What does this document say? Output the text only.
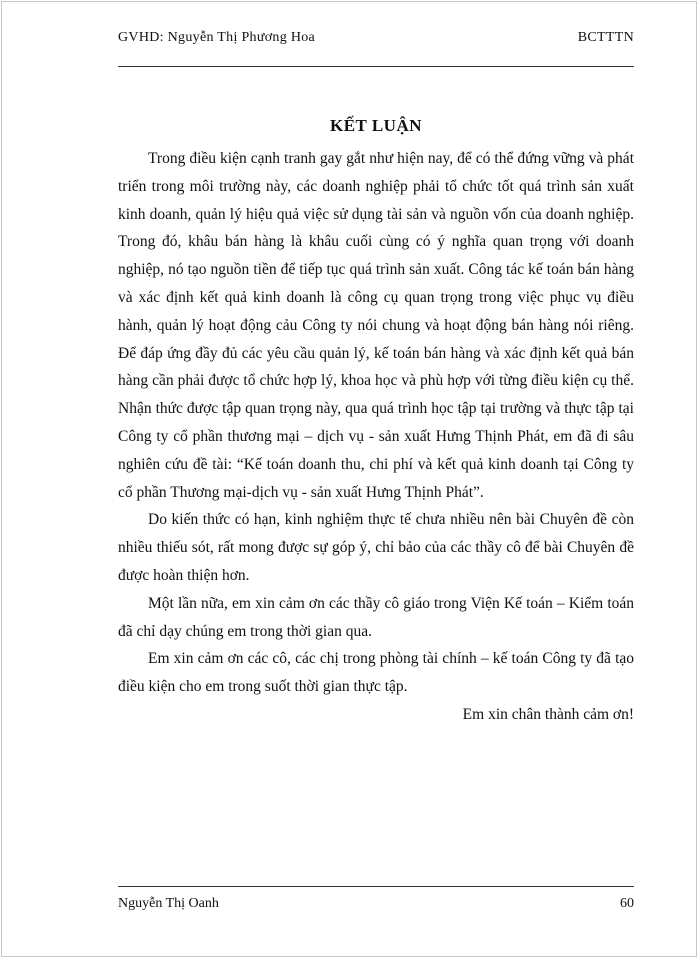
GVHD: Nguyễn Thị Phương Hoa	BCTTTN
KẾT LUẬN

Trong điều kiện cạnh tranh gay gắt như hiện nay, để có thể đứng vững và phát triển trong môi trường này, các doanh nghiệp phải tổ chức tốt quá trình sản xuất kinh doanh, quản lý hiệu quả việc sử dụng tài sản và nguồn vốn của doanh nghiệp. Trong đó, khâu bán hàng là khâu cuối cùng có ý nghĩa quan trọng với doanh nghiệp, nó tạo nguồn tiền để tiếp tục quá trình sản xuất. Công tác kế toán bán hàng và xác định kết quả kinh doanh là công cụ quan trọng trong việc phục vụ điều hành, quản lý hoạt động cảu Công ty nói chung và hoạt động bán hàng nói riêng. Để đáp ứng đầy đủ các yêu cầu quản lý, kế toán bán hàng và xác định kết quả bán hàng cần phải được tổ chức hợp lý, khoa học và phù hợp với từng điều kiện cụ thể. Nhận thức được tập quan trọng này, qua quá trình học tập tại trường và thực tập tại Công ty cổ phần thương mại – dịch vụ - sản xuất Hưng Thịnh Phát, em đã đi sâu nghiên cứu đề tài: “Kế toán doanh thu, chi phí và kết quả kinh doanh tại Công ty cổ phần Thương mại-dịch vụ - sản xuất Hưng Thịnh Phát”.

Do kiến thức có hạn, kinh nghiệm thực tế chưa nhiều nên bài Chuyên đề còn nhiều thiếu sót, rất mong được sự góp ý, chỉ bảo của các thầy cô để bài Chuyên đề được hoàn thiện hơn.

Một lần nữa, em xin cảm ơn các thầy cô giáo trong Viện Kế toán – Kiểm toán đã chỉ dạy chúng em trong thời gian qua.

Em xin cảm ơn các cô, các chị trong phòng tài chính – kế toán Công ty đã tạo điều kiện cho em trong suốt thời gian thực tập.

Em xin chân thành cảm ơn!

Nguyễn Thị Oanh	60
